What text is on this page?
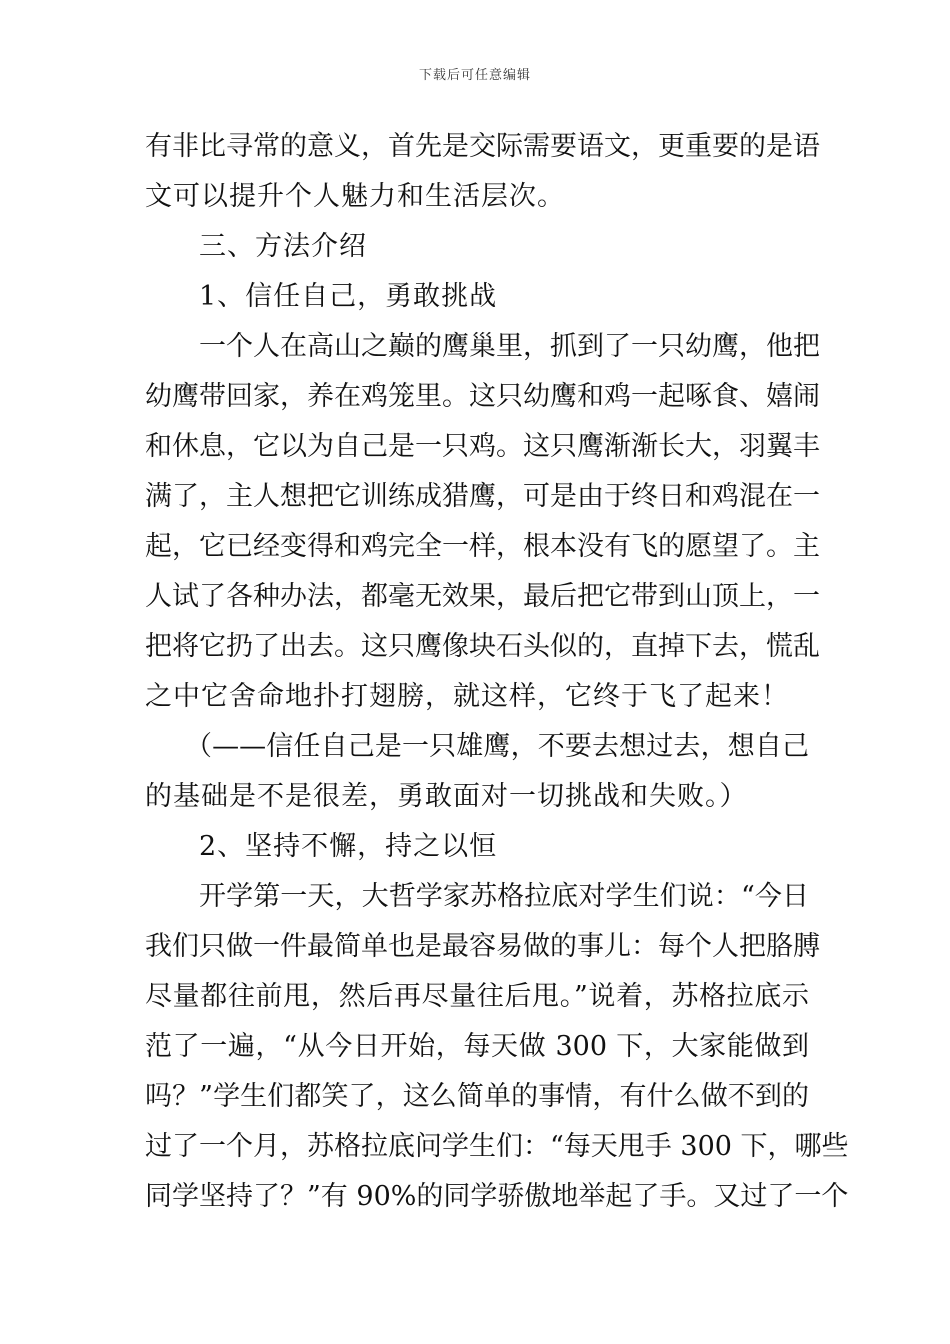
下载后可任意编辑
有非比寻常的意义，首先是交际需要语文，更重要的是语
文可以提升个人魅力和生活层次。
三、方法介绍
1、信任自己，勇敢挑战
一个人在高山之巅的鹰巢里，抓到了一只幼鹰，他把
幼鹰带回家，养在鸡笼里。这只幼鹰和鸡一起啄食、嬉闹
和休息，它以为自己是一只鸡。这只鹰渐渐长大，羽翼丰
满了，主人想把它训练成猎鹰，可是由于终日和鸡混在一
起，它已经变得和鸡完全一样，根本没有飞的愿望了。主
人试了各种办法，都毫无效果，最后把它带到山顶上，一
把将它扔了出去。这只鹰像块石头似的，直掉下去，慌乱
之中它舍命地扑打翅膀，就这样，它终于飞了起来！
（——信任自己是一只雄鹰，不要去想过去，想自己
的基础是不是很差，勇敢面对一切挑战和失败。）
2、坚持不懈，持之以恒
开学第一天，大哲学家苏格拉底对学生们说：“今日
我们只做一件最简单也是最容易做的事儿：每个人把胳膊
尽量都往前甩，然后再尽量往后甩。”说着，苏格拉底示
范了一遍，“从今日开始，每天做 300 下，大家能做到
吗？”学生们都笑了，这么简单的事情，有什么做不到的
过了一个月，苏格拉底问学生们：“每天甩手 300 下，哪些
同学坚持了？”有 90%的同学骄傲地举起了手。又过了一个
